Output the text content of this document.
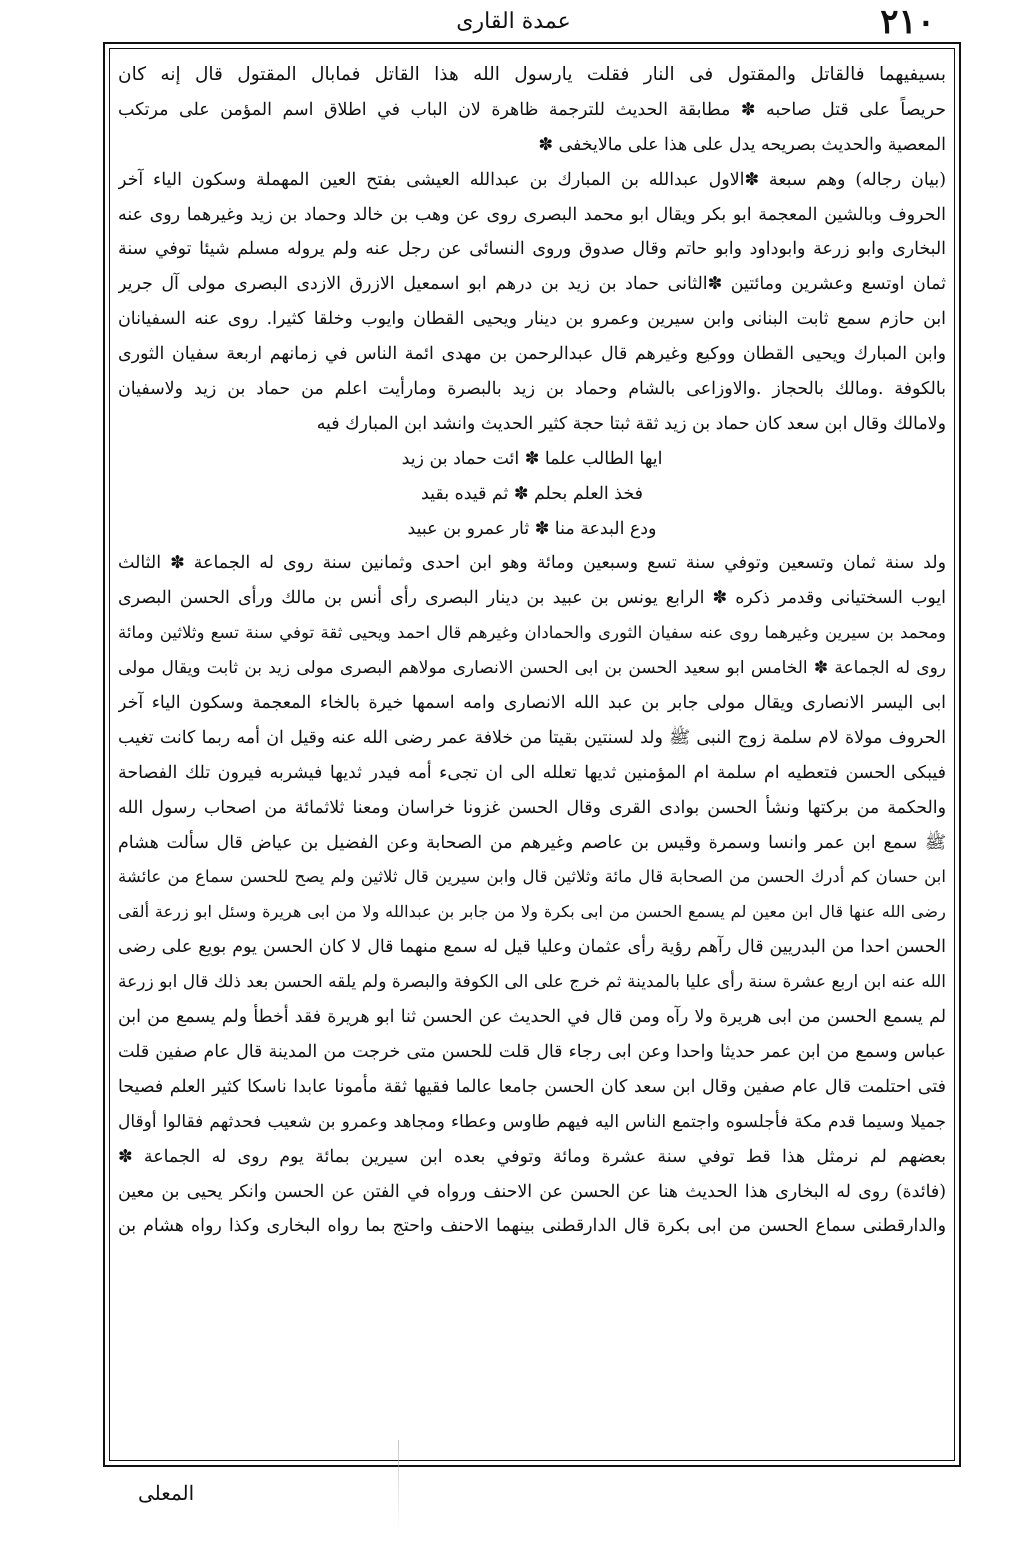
٢١٠
عمدة القارى
بسيفيهما فالقاتل والمقتول فى النار فقلت يارسول الله هذا القاتل فمابال المقتول قال إنه كان
حريصاً على قتل صاحبه ✽ مطابقة الحديث للترجمة ظاهرة لان الباب في اطلاق اسم المؤمن على مرتكب
المعصية والحديث بصريحه يدل على هذا على مالايخفى ✽
(بيان رجاله) وهم سبعة ✽الاول عبدالله بن المبارك بن عبدالله العيشى بفتح العين المهملة وسكون الياء آخر
الحروف وبالشين المعجمة ابو بكر ويقال ابو محمد البصرى روى عن وهب بن خالد وحماد بن زيد وغيرهما روى عنه
البخارى وابو زرعة وابوداود وابو حاتم وقال صدوق وروى النسائى عن رجل عنه ولم يروله مسلم شيئا توفي سنة
ثمان اوتسع وعشرين ومائتين ✽الثانى حماد بن زيد بن درهم ابو اسمعيل الازرق الازدى البصرى مولى آل جرير
ابن حازم سمع ثابت البنانى وابن سيرين وعمرو بن دينار ويحيى القطان وايوب وخلقا كثيرا. روى عنه السفيانان
وابن المبارك ويحيى القطان ووكيع وغيرهم قال عبدالرحمن بن مهدى ائمة الناس في زمانهم اربعة سفيان الثورى
بالكوفة .ومالك بالحجاز .والاوزاعى بالشام وحماد بن زيد بالبصرة ومارأيت اعلم من حماد بن زيد ولاسفيان
ولامالك وقال ابن سعد كان حماد بن زيد ثقة ثبتا حجة كثير الحديث وانشد ابن المبارك فيه
ايها الطالب علما ✽ ائت حماد بن زيد
فخذ العلم بحلم ✽ ثم قيده بقيد
ودع البدعة منا ✽ ثار عمرو بن عبيد
ولد سنة ثمان وتسعين وتوفي سنة تسع وسبعين ومائة وهو ابن احدى وثمانين سنة روى له الجماعة ✽ الثالث
ايوب السختيانى وقدمر ذكره ✽ الرابع يونس بن عبيد بن دينار البصرى رأى أنس بن مالك ورأى الحسن البصرى
ومحمد بن سيرين وغيرهما روى عنه سفيان الثورى والحمادان وغيرهم قال احمد ويحيى ثقة توفي سنة تسع وثلاثين ومائة
روى له الجماعة ✽ الخامس ابو سعيد الحسن بن ابى الحسن الانصارى مولاهم البصرى مولى زيد بن ثابت ويقال مولى
ابى اليسر الانصارى ويقال مولى جابر بن عبد الله الانصارى وامه اسمها خيرة بالخاء المعجمة وسكون الياء آخر
الحروف مولاة لام سلمة زوج النبى ﷺ ولد لسنتين بقيتا من خلافة عمر رضى الله عنه وقيل ان أمه ربما كانت تغيب
فيبكى الحسن فتعطيه ام سلمة ام المؤمنين ثديها تعلله الى ان تجىء أمه فيدر ثديها فيشربه فيرون تلك الفصاحة
والحكمة من بركتها ونشأ الحسن بوادى القرى وقال الحسن غزونا خراسان ومعنا ثلاثمائة من اصحاب رسول الله
ﷺ سمع ابن عمر وانسا وسمرة وقيس بن عاصم وغيرهم من الصحابة وعن الفضيل بن عياض قال سألت هشام
ابن حسان كم أدرك الحسن من الصحابة قال مائة وثلاثين قال وابن سيرين قال ثلاثين ولم يصح للحسن سماع من عائشة
رضى الله عنها قال ابن معين لم يسمع الحسن من ابى بكرة ولا من جابر بن عبدالله ولا من ابى هريرة وسئل ابو زرعة ألقى
الحسن احدا من البدريين قال رآهم رؤية رأى عثمان وعليا قيل له سمع منهما قال لا كان الحسن يوم بويع على رضى
الله عنه ابن اربع عشرة سنة رأى عليا بالمدينة ثم خرج على الى الكوفة والبصرة ولم يلقه الحسن بعد ذلك قال ابو زرعة
لم يسمع الحسن من ابى هريرة ولا رآه ومن قال في الحديث عن الحسن ثنا ابو هريرة فقد أخطأ ولم يسمع من ابن
عباس وسمع من ابن عمر حديثا واحدا وعن ابى رجاء قال قلت للحسن متى خرجت من المدينة قال عام صفين قلت
فتى احتلمت قال عام صفين وقال ابن سعد كان الحسن جامعا عالما فقيها ثقة مأمونا عابدا ناسكا كثير العلم فصيحا
جميلا وسيما قدم مكة فأجلسوه واجتمع الناس اليه فيهم طاوس وعطاء ومجاهد وعمرو بن شعيب فحدثهم فقالوا أوقال
بعضهم لم نرمثل هذا قط توفي سنة عشرة ومائة وتوفي بعده ابن سيرين بمائة يوم روى له الجماعة ✽
(فائدة) روى له البخارى هذا الحديث هنا عن الحسن عن الاحنف ورواه في الفتن عن الحسن وانكر يحيى بن معين
والدارقطنى سماع الحسن من ابى بكرة قال الدارقطنى بينهما الاحنف واحتج بما رواه البخارى وكذا رواه هشام بن
المعلى
